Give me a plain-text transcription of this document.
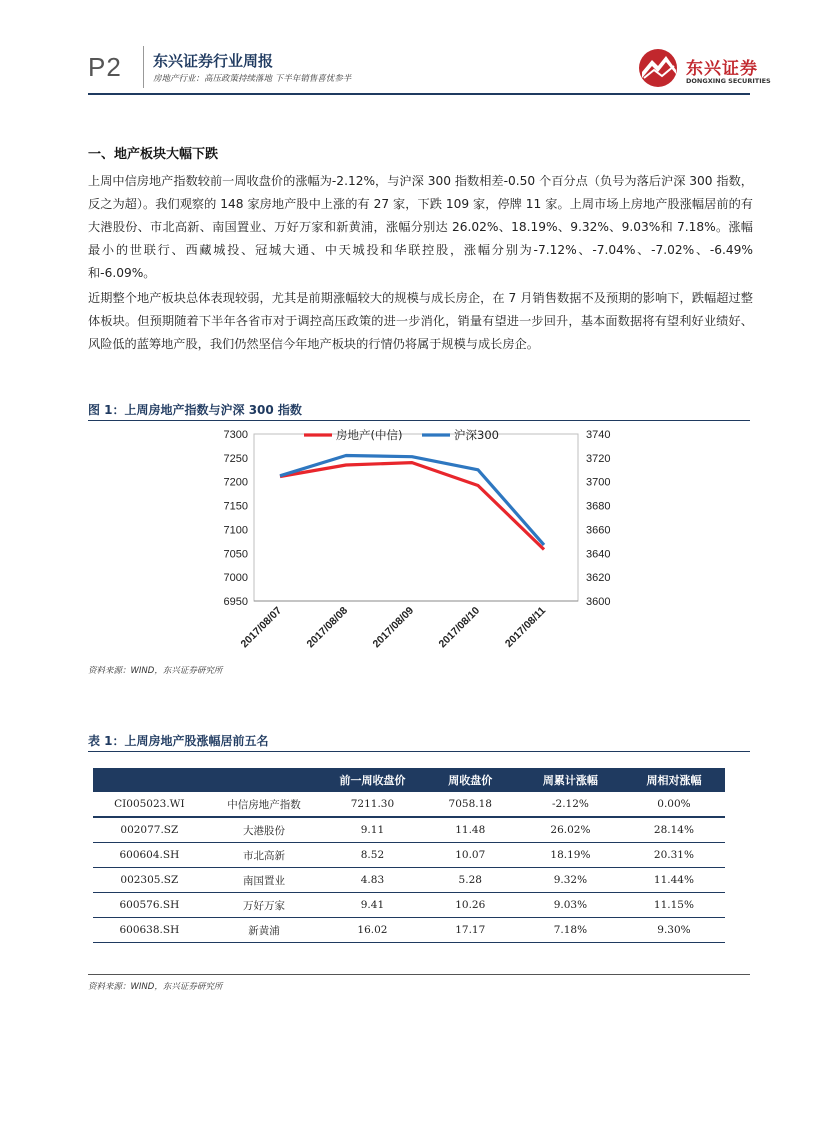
P2 东兴证券行业周报
房地产行业：高压政策持续落地 下半年销售喜忧参半	东兴证券
DONGXING SECURITIES
一、地产板块大幅下跌
上周中信房地产指数较前一周收盘价的涨幅为-2.12%，与沪深 300 指数相差-0.50 个百分点（负号为落后沪深 300 指数，反之为超）。我们观察的 148 家房地产股中上涨的有 27 家，下跌 109 家，停牌 11 家。上周市场上房地产股涨幅居前的有大港股份、市北高新、南国置业、万好万家和新黄浦，涨幅分别达 26.02%、18.19%、9.32%、9.03%和 7.18%。涨幅最小的世联行、西藏城投、冠城大通、中天城投和华联控股，涨幅分别为-7.12%、-7.04%、-7.02%、-6.49%和-6.09%。
近期整个地产板块总体表现较弱，尤其是前期涨幅较大的规模与成长房企，在 7 月销售数据不及预期的影响下，跌幅超过整体板块。但预期随着下半年各省市对于调控高压政策的进一步消化，销量有望进一步回升，基本面数据将有望利好业绩好、风险低的蓝筹地产股，我们仍然坚信今年地产板块的行情仍将属于规模与成长房企。
图 1：上周房地产指数与沪深 300 指数
7300
7250
7200
7150
7100
7050
7000
6950
3740
3720
3700
3680
3660
3640
3620
3600
2017/08/07 2017/08/08 2017/08/09 2017/08/10 2017/08/11
房地产(中信)	沪深300
资料来源：WIND，东兴证券研究所
表 1：上周房地产股涨幅居前五名
		前一周收盘价	周收盘价	周累计涨幅	周相对涨幅
CI005023.WI	中信房地产指数	7211.30	7058.18	-2.12%	0.00%
002077.SZ	大港股份	9.11	11.48	26.02%	28.14%
600604.SH	市北高新	8.52	10.07	18.19%	20.31%
002305.SZ	南国置业	4.83	5.28	9.32%	11.44%
600576.SH	万好万家	9.41	10.26	9.03%	11.15%
600638.SH	新黄浦	16.02	17.17	7.18%	9.30%
资料来源：WIND，东兴证券研究所
